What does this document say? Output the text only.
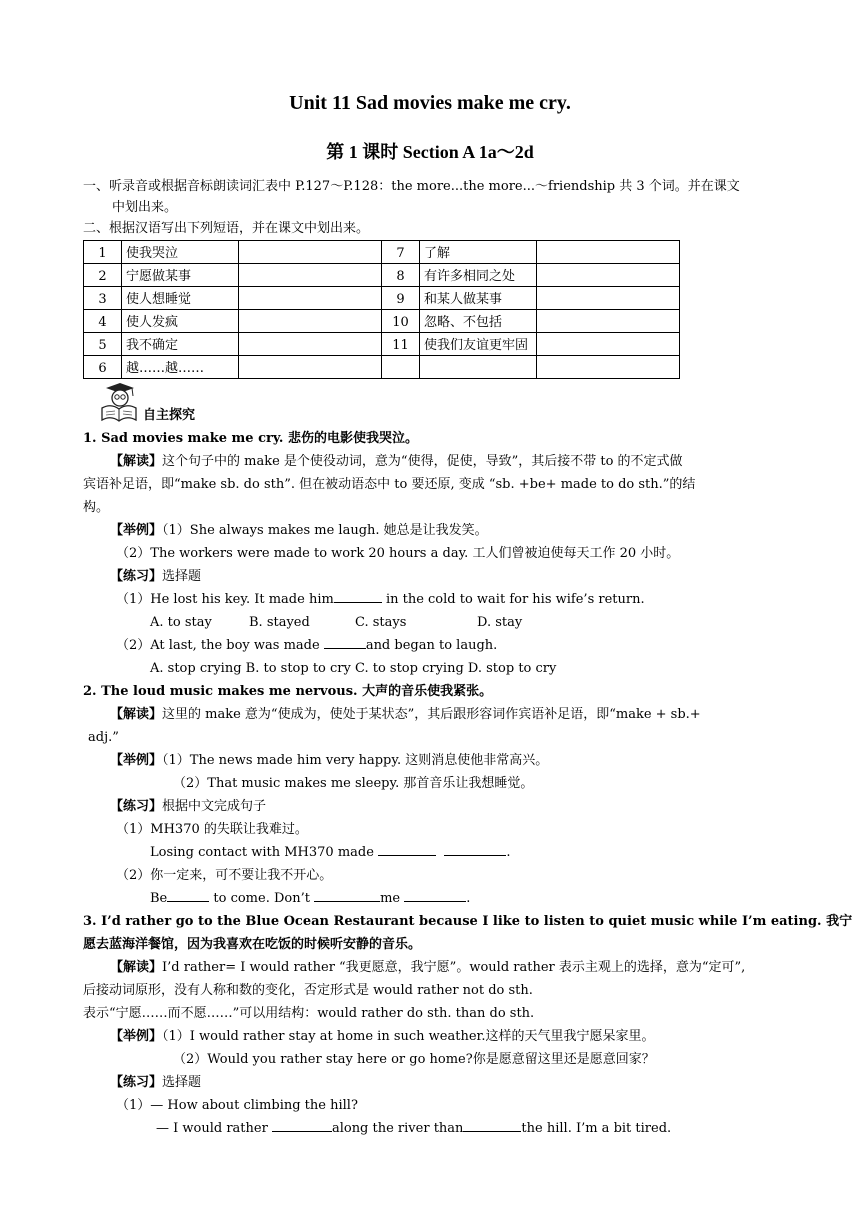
Unit 11 Sad movies make me cry.
第 1 课时 Section A 1a～2d
一、听录音或根据音标朗读词汇表中 P.127～P.128：the more...the more...～friendship 共 3 个词。并在课文
中划出来。
二、根据汉语写出下列短语，并在课文中划出来。
1	使我哭泣		7	了解	
2	宁愿做某事		8	有许多相同之处	
3	使人想睡觉		9	和某人做某事	
4	使人发疯		10	忽略、不包括	
5	我不确定		11	使我们友谊更牢固	
6	越……越……				
自主探究
1. Sad movies make me cry. 悲伤的电影使我哭泣。
【解读】这个句子中的 make 是个使役动词，意为“使得，促使，导致”，其后接不带 to 的不定式做
宾语补足语，即“make sb. do sth”. 但在被动语态中 to 要还原, 变成 “sb. +be+ made to do sth.”的结
构。
【举例】（1）She always makes me laugh. 她总是让我发笑。
（2）The workers were made to work 20 hours a day. 工人们曾被迫使每天工作 20 小时。
【练习】选择题
（1）He lost his key. It made him	in the cold to wait for his wife’s return.
A. to stay	B. stayed	C. stays	D. stay
（2）At last, the boy was made	and began to laugh.
A. stop crying B. to stop to cry C. to stop crying D. stop to cry
2. The loud music makes me nervous. 大声的音乐使我紧张。
【解读】这里的 make 意为“使成为，使处于某状态”，其后跟形容词作宾语补足语，即“make + sb.+
adj.”
【举例】（1）The news made him very happy. 这则消息使他非常高兴。
（2）That music makes me sleepy. 那首音乐让我想睡觉。
【练习】根据中文完成句子
（1）MH370 的失联让我难过。
Losing contact with MH370 made	.
（2）你一定来，可不要让我不开心。
Be	to come. Don’t	me	.
3. I’d rather go to the Blue Ocean Restaurant because I like to listen to quiet music while I’m eating. 我宁
愿去蓝海洋餐馆，因为我喜欢在吃饭的时候听安静的音乐。
【解读】I’d rather= I would rather “我更愿意，我宁愿”。would rather 表示主观上的选择，意为“定可”,
后接动词原形，没有人称和数的变化，否定形式是 would rather not do sth.
表示“宁愿……而不愿……”可以用结构：would rather do sth. than do sth.
【举例】（1）I would rather stay at home in such weather.这样的天气里我宁愿呆家里。
（2）Would you rather stay here or go home?你是愿意留这里还是愿意回家？
【练习】选择题
（1）— How about climbing the hill?
— I would rather	along the river than	the hill. I’m a bit tired.
